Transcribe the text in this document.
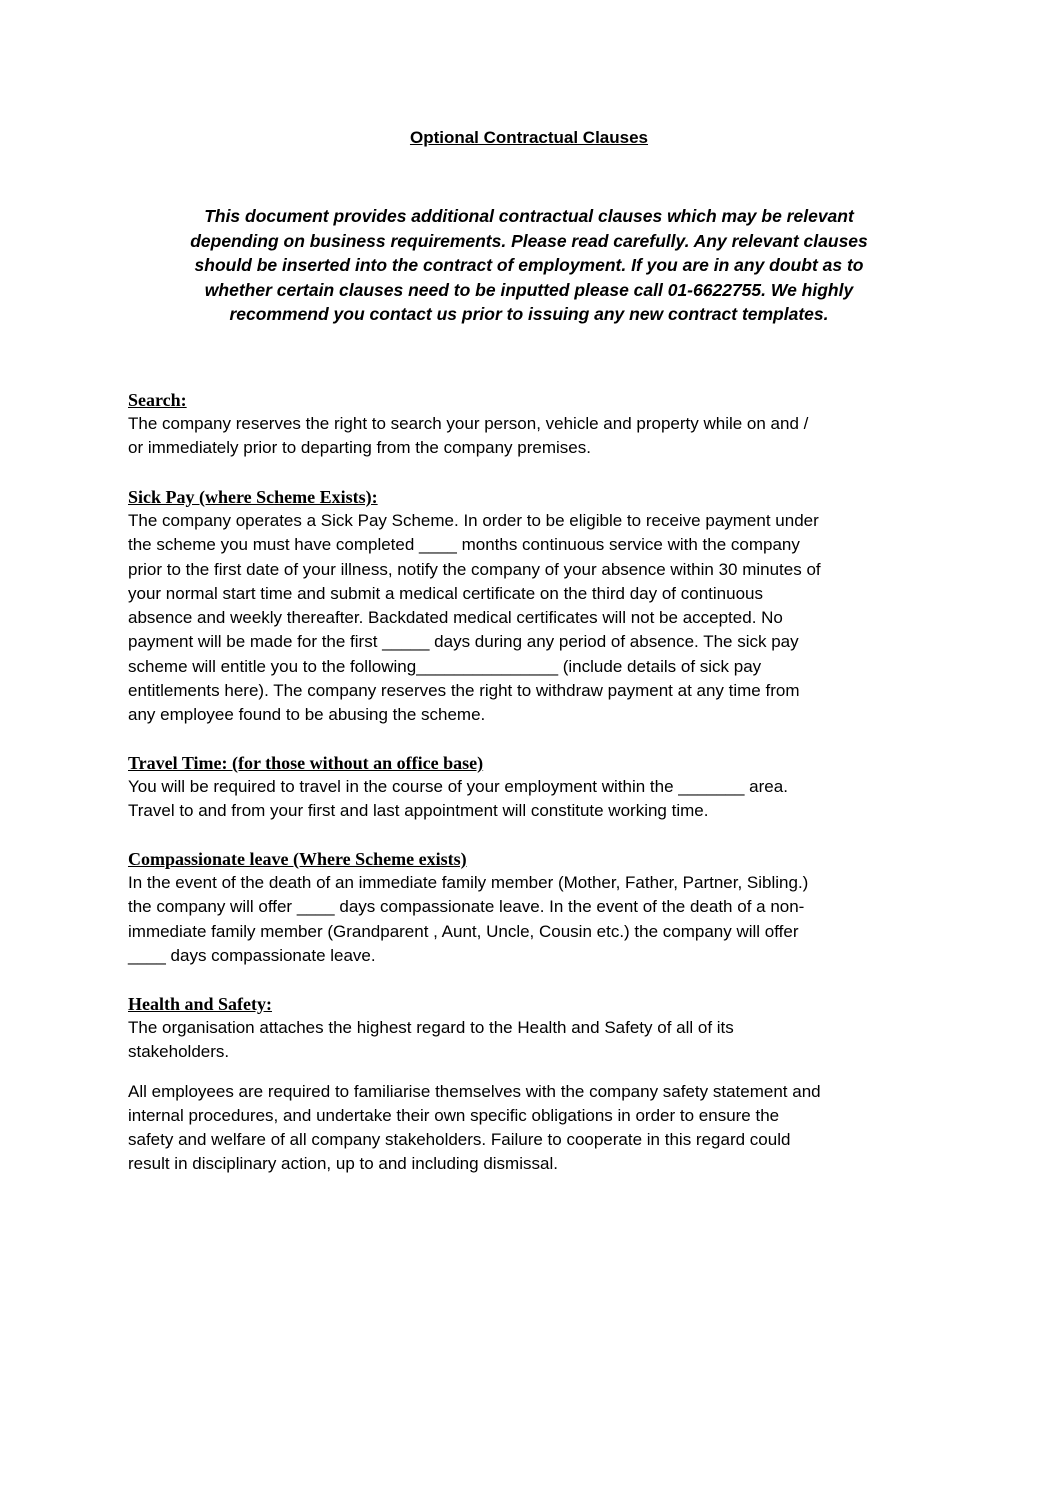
Optional Contractual Clauses
This document provides additional contractual clauses which may be relevant
depending on business requirements. Please read carefully. Any relevant clauses
should be inserted into the contract of employment. If you are in any doubt as to
whether certain clauses need to be inputted please call 01-6622755. We highly
recommend you contact us prior to issuing any new contract templates.
Search:
The company reserves the right to search your person, vehicle and property while on and /
or immediately prior to departing from the company premises.
Sick Pay (where Scheme Exists):
The company operates a Sick Pay Scheme. In order to be eligible to receive payment under
the scheme you must have completed ____ months continuous service with the company
prior to the first date of your illness, notify the company of your absence within 30 minutes of
your normal start time and submit a medical certificate on the third day of continuous
absence and weekly thereafter. Backdated medical certificates will not be accepted. No
payment will be made for the first _____ days during any period of absence. The sick pay
scheme will entitle you to the following_______________ (include details of sick pay
entitlements here). The company reserves the right to withdraw payment at any time from
any employee found to be abusing the scheme.
Travel Time: (for those without an office base)
You will be required to travel in the course of your employment within the _______ area.
Travel to and from your first and last appointment will constitute working time.
Compassionate leave (Where Scheme exists)
In the event of the death of an immediate family member (Mother, Father, Partner, Sibling.)
the company will offer ____ days compassionate leave. In the event of the death of a non-
immediate family member (Grandparent , Aunt, Uncle, Cousin etc.) the company will offer
____ days compassionate leave.
Health and Safety:
The organisation attaches the highest regard to the Health and Safety of all of its
stakeholders.
All employees are required to familiarise themselves with the company safety statement and
internal procedures, and undertake their own specific obligations in order to ensure the
safety and welfare of all company stakeholders. Failure to cooperate in this regard could
result in disciplinary action, up to and including dismissal.
